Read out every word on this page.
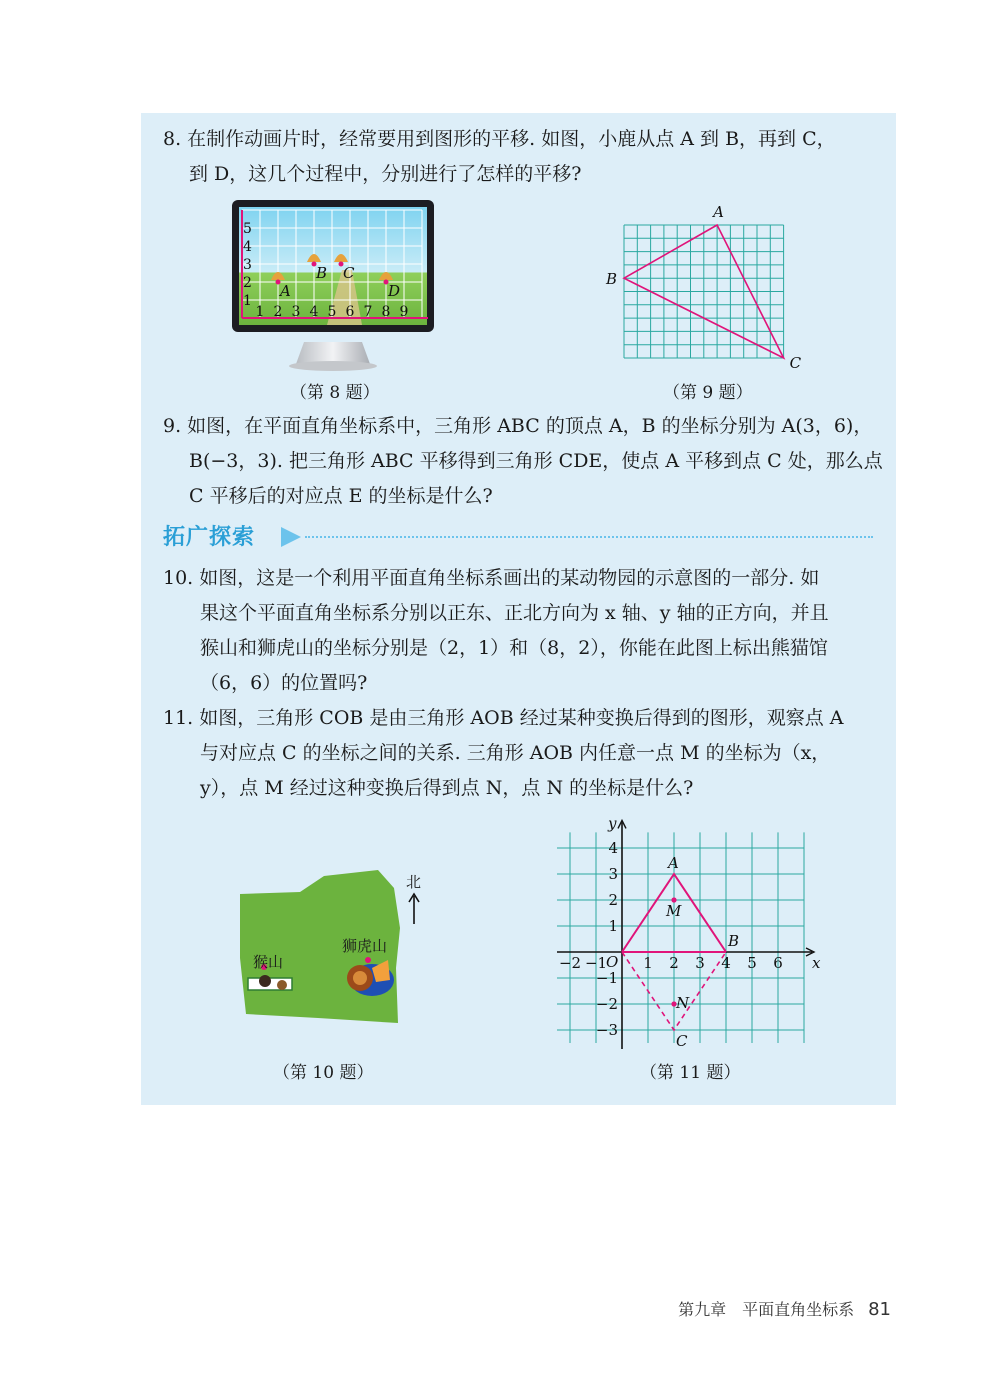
8. 在制作动画片时，经常要用到图形的平移. 如图，小鹿从点 A 到 B，再到 C，
到 D，这几个过程中，分别进行了怎样的平移?
1 2 3 4 5 6 7 8 9
1
2
3
4
5
A
B C
D
（第 8 题）
A
B
C
（第 9 题）
9. 如图，在平面直角坐标系中，三角形 ABC 的顶点 A，B 的坐标分别为 A(3，6)，
B(−3，3). 把三角形 ABC 平移得到三角形 CDE，使点 A 平移到点 C 处，那么点
C 平移后的对应点 E 的坐标是什么?
拓广探索
10. 如图，这是一个利用平面直角坐标系画出的某动物园的示意图的一部分. 如
果这个平面直角坐标系分别以正东、正北方向为 x 轴、y 轴的正方向，并且
猴山和狮虎山的坐标分别是（2，1）和（8，2），你能在此图上标出熊猫馆
（6，6）的位置吗?
11. 如图，三角形 COB 是由三角形 AOB 经过某种变换后得到的图形，观察点 A
与对应点 C 的坐标之间的关系. 三角形 AOB 内任意一点 M 的坐标为（x，
y），点 M 经过这种变换后得到点 N，点 N 的坐标是什么?
北
猴山
狮虎山
（第 10 题）
x
y
O
−2 −1 1 2 3 4 5 6
4
3
2
1
−1
−2
−3
A
B
C
M
N
（第 11 题）
第九章　平面直角坐标系 81
